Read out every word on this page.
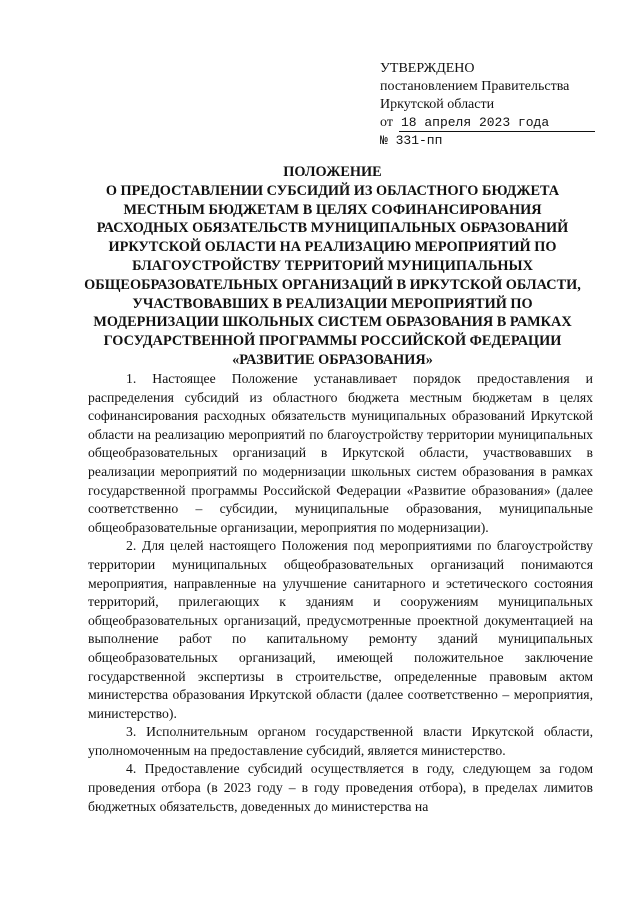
УТВЕРЖДЕНО
постановлением Правительства
Иркутской области
от 18 апреля 2023 года
№ 331-пп
ПОЛОЖЕНИЕ
О ПРЕДОСТАВЛЕНИИ СУБСИДИЙ ИЗ ОБЛАСТНОГО БЮДЖЕТА МЕСТНЫМ БЮДЖЕТАМ В ЦЕЛЯХ СОФИНАНСИРОВАНИЯ РАСХОДНЫХ ОБЯЗАТЕЛЬСТВ МУНИЦИПАЛЬНЫХ ОБРАЗОВАНИЙ ИРКУТСКОЙ ОБЛАСТИ НА РЕАЛИЗАЦИЮ МЕРОПРИЯТИЙ ПО БЛАГОУСТРОЙСТВУ ТЕРРИТОРИЙ МУНИЦИПАЛЬНЫХ ОБЩЕОБРАЗОВАТЕЛЬНЫХ ОРГАНИЗАЦИЙ В ИРКУТСКОЙ ОБЛАСТИ, УЧАСТВОВАВШИХ В РЕАЛИЗАЦИИ МЕРОПРИЯТИЙ ПО МОДЕРНИЗАЦИИ ШКОЛЬНЫХ СИСТЕМ ОБРАЗОВАНИЯ В РАМКАХ ГОСУДАРСТВЕННОЙ ПРОГРАММЫ РОССИЙСКОЙ ФЕДЕРАЦИИ «РАЗВИТИЕ ОБРАЗОВАНИЯ»

1. Настоящее Положение устанавливает порядок предоставления и распределения субсидий из областного бюджета местным бюджетам в целях софинансирования расходных обязательств муниципальных образований Иркутской области на реализацию мероприятий по благоустройству территории муниципальных общеобразовательных организаций в Иркутской области, участвовавших в реализации мероприятий по модернизации школьных систем образования в рамках государственной программы Российской Федерации «Развитие образования» (далее соответственно – субсидии, муниципальные образования, муниципальные общеобразовательные организации, мероприятия по модернизации).

2. Для целей настоящего Положения под мероприятиями по благоустройству территории муниципальных общеобразовательных организаций понимаются мероприятия, направленные на улучшение санитарного и эстетического состояния территорий, прилегающих к зданиям и сооружениям муниципальных общеобразовательных организаций, предусмотренные проектной документацией на выполнение работ по капитальному ремонту зданий муниципальных общеобразовательных организаций, имеющей положительное заключение государственной экспертизы в строительстве, определенные правовым актом министерства образования Иркутской области (далее соответственно – мероприятия, министерство).

3. Исполнительным органом государственной власти Иркутской области, уполномоченным на предоставление субсидий, является министерство.

4. Предоставление субсидий осуществляется в году, следующем за годом проведения отбора (в 2023 году – в году проведения отбора), в пределах лимитов бюджетных обязательств, доведенных до министерства на
